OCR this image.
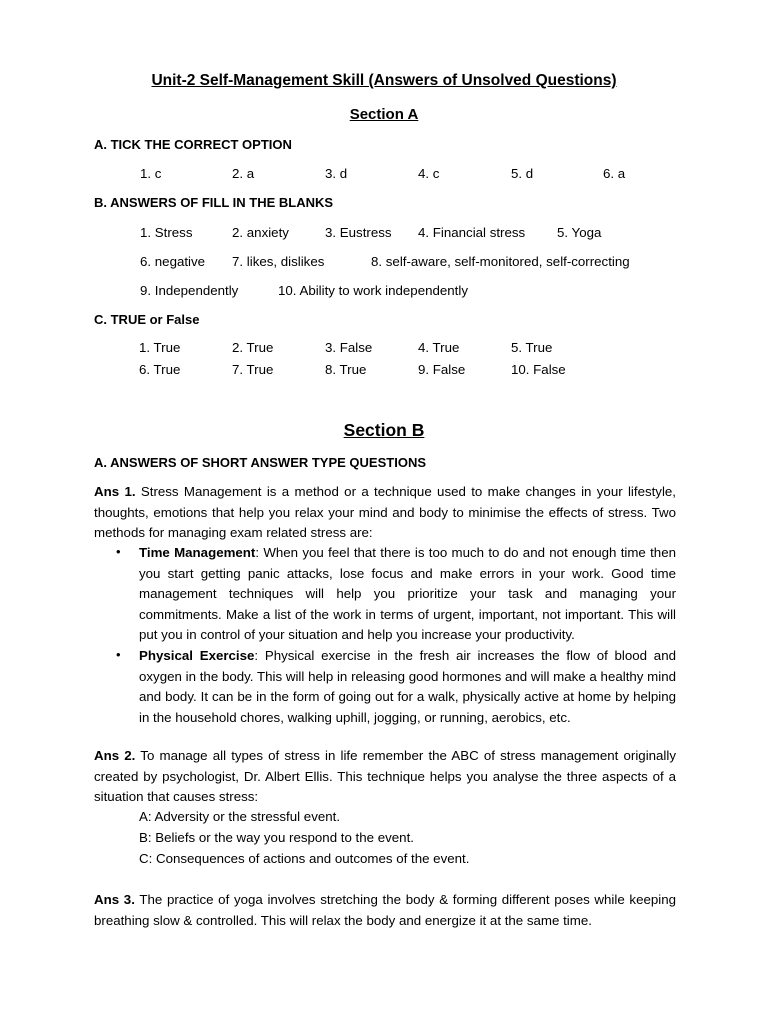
Unit-2 Self-Management Skill (Answers of Unsolved Questions)
Section A
A. TICK THE CORRECT OPTION
1. c	2. a	3. d	4. c	5. d	6. a
B. ANSWERS OF FILL IN THE BLANKS
1. Stress	2. anxiety	3. Eustress 4. Financial stress 5. Yoga
6. negative 7. likes, dislikes	8. self-aware, self-monitored, self-correcting
9. Independently	10. Ability to work independently
C. TRUE or False
1. True	2. True	3. False	4. True	5. True
6. True	7. True	8. True	9. False	10. False
Section B
A. ANSWERS OF SHORT ANSWER TYPE QUESTIONS
Ans 1. Stress Management is a method or a technique used to make changes in your lifestyle, thoughts, emotions that help you relax your mind and body to minimise the effects of stress. Two methods for managing exam related stress are:
• Time Management: When you feel that there is too much to do and not enough time then you start getting panic attacks, lose focus and make errors in your work. Good time management techniques will help you prioritize your task and managing your commitments. Make a list of the work in terms of urgent, important, not important. This will put you in control of your situation and help you increase your productivity.
• Physical Exercise: Physical exercise in the fresh air increases the flow of blood and oxygen in the body. This will help in releasing good hormones and will make a healthy mind and body. It can be in the form of going out for a walk, physically active at home by helping in the household chores, walking uphill, jogging, or running, aerobics, etc.
Ans 2. To manage all types of stress in life remember the ABC of stress management originally created by psychologist, Dr. Albert Ellis. This technique helps you analyse the three aspects of a situation that causes stress:
A: Adversity or the stressful event.
B: Beliefs or the way you respond to the event.
C: Consequences of actions and outcomes of the event.
Ans 3. The practice of yoga involves stretching the body & forming different poses while keeping breathing slow & controlled. This will relax the body and energize it at the same time.
